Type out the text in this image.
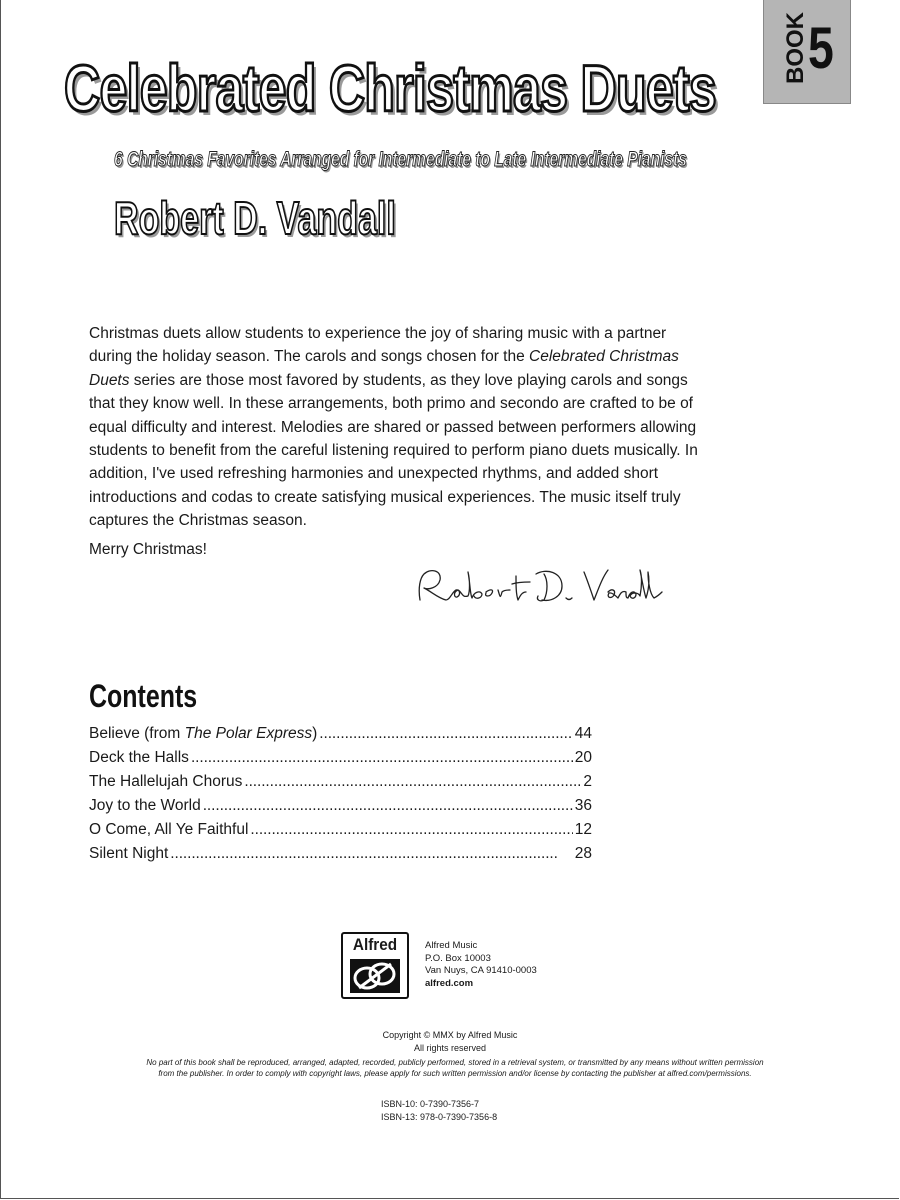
BOOK 5
Celebrated Christmas Duets
6 Christmas Favorites Arranged for Intermediate to Late Intermediate Pianists
Robert D. Vandall

Christmas duets allow students to experience the joy of sharing music with a partner during the holiday season. The carols and songs chosen for the Celebrated Christmas Duets series are those most favored by students, as they love playing carols and songs that they know well. In these arrangements, both primo and secondo are crafted to be of equal difficulty and interest. Melodies are shared or passed between performers allowing students to benefit from the careful listening required to perform piano duets musically. In addition, I've used refreshing harmonies and unexpected rhythms, and added short introductions and codas to create satisfying musical experiences. The music itself truly captures the Christmas season.

Merry Christmas!
Contents
Believe (from The Polar Express) . . .	44
Deck the Halls . . .	20
The Hallelujah Chorus . . .	2
Joy to the World . . .	36
O Come, All Ye Faithful . . .	12
Silent Night . . .	28
Alfred	Alfred Music
P.O. Box 10003
Van Nuys, CA 91410-0003
alfred.com
Copyright © MMX by Alfred Music
All rights reserved
No part of this book shall be reproduced, arranged, adapted, recorded, publicly performed, stored in a retrieval system, or transmitted by any means without written permission from the publisher. In order to comply with copyright laws, please apply for such written permission and/or license by contacting the publisher at alfred.com/permissions.
ISBN-10: 0-7390-7356-7
ISBN-13: 978-0-7390-7356-8
